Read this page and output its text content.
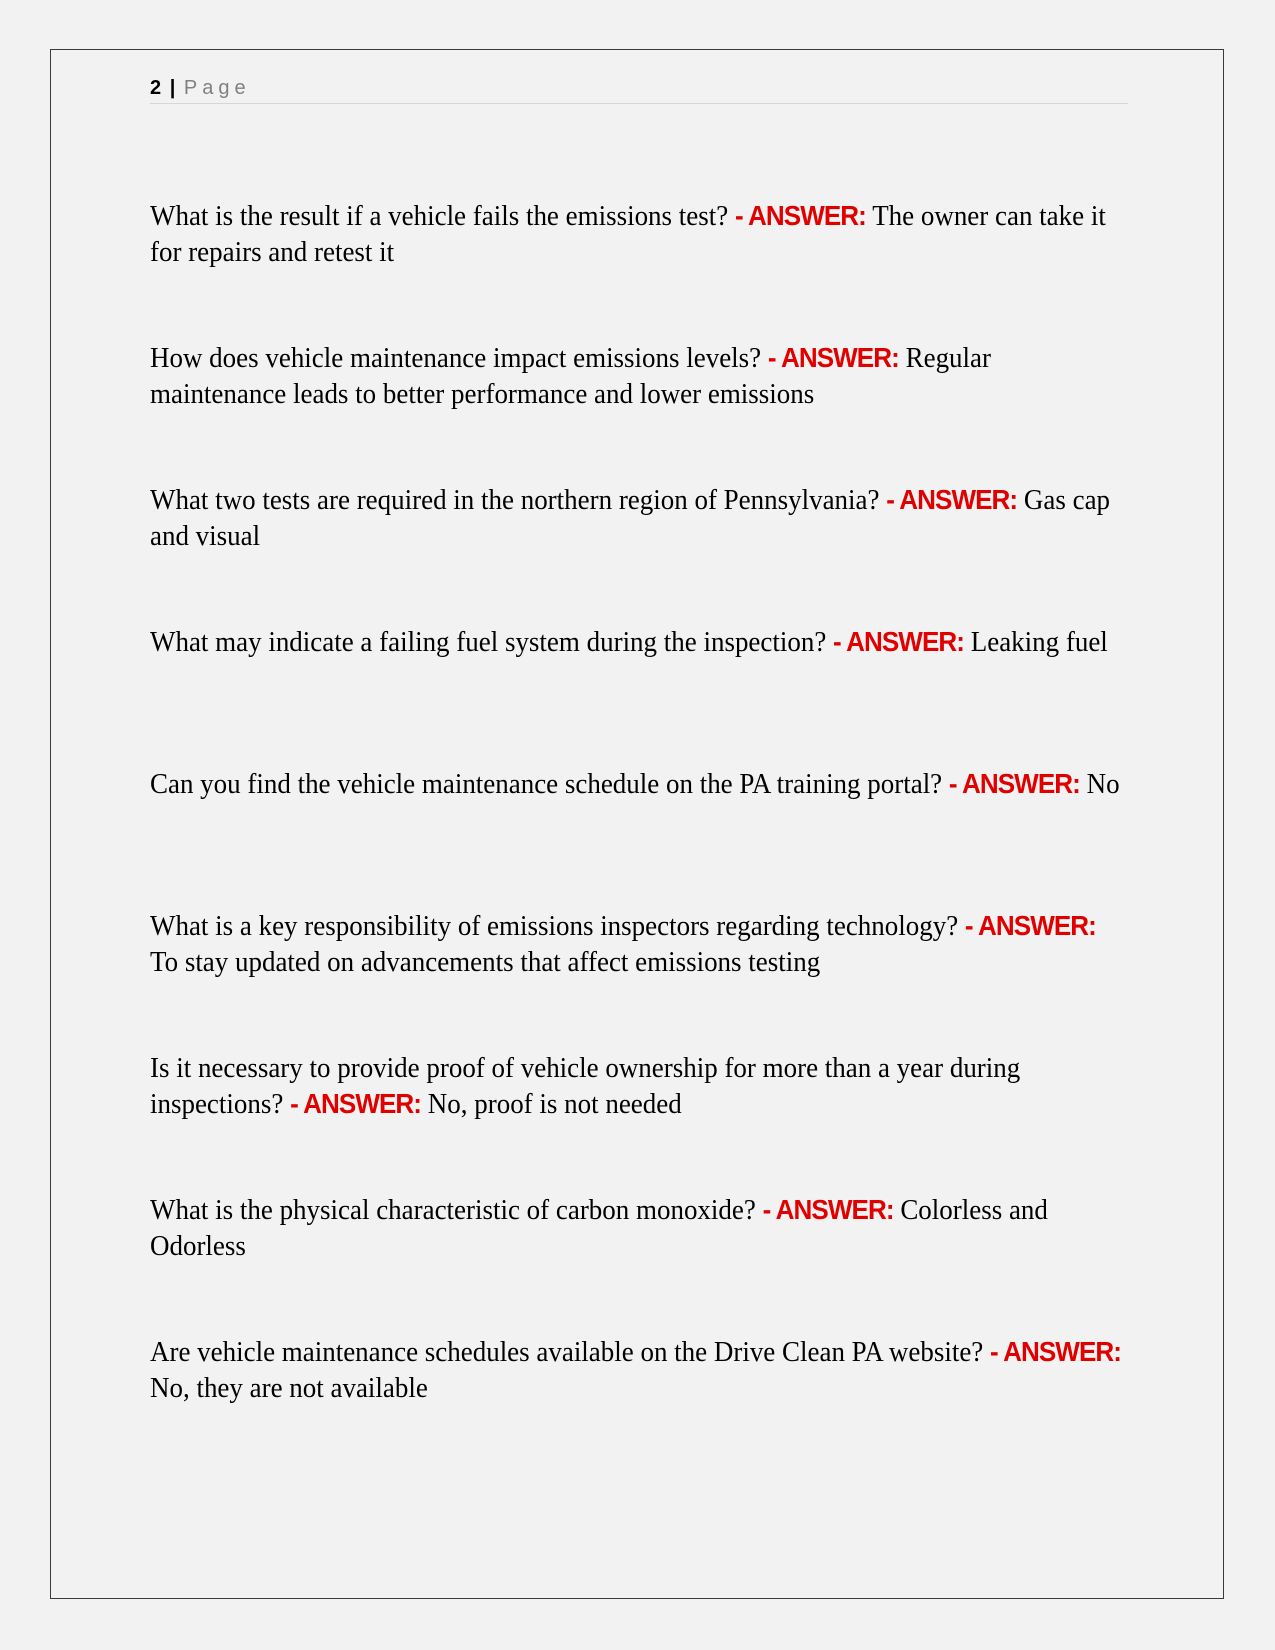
2 | Page
What is the result if a vehicle fails the emissions test? - ANSWER: The owner can take it for repairs and retest it
How does vehicle maintenance impact emissions levels? - ANSWER: Regular maintenance leads to better performance and lower emissions
What two tests are required in the northern region of Pennsylvania? - ANSWER: Gas cap and visual
What may indicate a failing fuel system during the inspection? - ANSWER: Leaking fuel
Can you find the vehicle maintenance schedule on the PA training portal? - ANSWER: No
What is a key responsibility of emissions inspectors regarding technology? - ANSWER: To stay updated on advancements that affect emissions testing
Is it necessary to provide proof of vehicle ownership for more than a year during inspections? - ANSWER: No, proof is not needed
What is the physical characteristic of carbon monoxide? - ANSWER: Colorless and Odorless
Are vehicle maintenance schedules available on the Drive Clean PA website? - ANSWER: No, they are not available
